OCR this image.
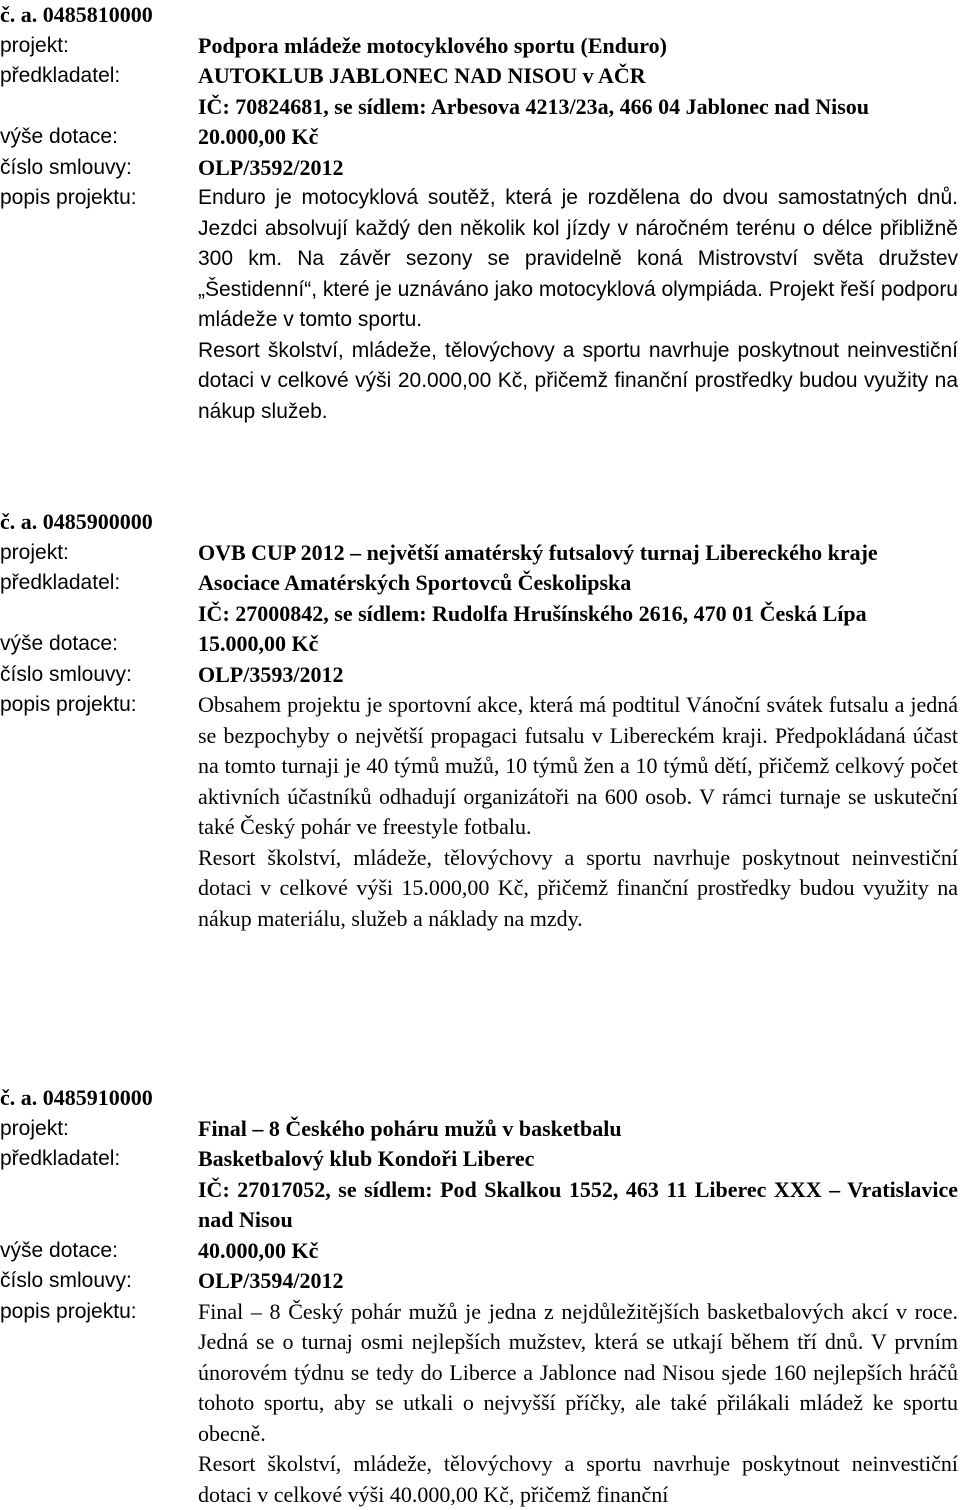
č. a. 0485810000
projekt:	Podpora mládeže motocyklového sportu (Enduro)
předkladatel:	AUTOKLUB JABLONEC NAD NISOU v AČR
IČ: 70824681, se sídlem: Arbesova 4213/23a, 466 04 Jablonec nad Nisou
výše dotace:	20.000,00 Kč
číslo smlouvy:	OLP/3592/2012
popis projektu:	Enduro je motocyklová soutěž, která je rozdělena do dvou samostatných dnů. Jezdci absolvují každý den několik kol jízdy v náročném terénu o délce přibližně 300 km. Na závěr sezony se pravidelně koná Mistrovství světa družstev „Šestidenní“, které je uznáváno jako motocyklová olympiáda. Projekt řeší podporu mládeže v tomto sportu.
Resort školství, mládeže, tělovýchovy a sportu navrhuje poskytnout neinvestiční dotaci v celkové výši 20.000,00 Kč, přičemž finanční prostředky budou využity na nákup služeb.
č. a. 0485900000
projekt:	OVB CUP 2012 – největší amatérský futsalový turnaj Libereckého kraje
předkladatel:	Asociace Amatérských Sportovců Českolipska
IČ: 27000842, se sídlem: Rudolfa Hrušínského 2616, 470 01 Česká Lípa
výše dotace:	15.000,00 Kč
číslo smlouvy:	OLP/3593/2012
popis projektu:	Obsahem projektu je sportovní akce, která má podtitul Vánoční svátek futsalu a jedná se bezpochyby o největší propagaci futsalu v Libereckém kraji. Předpokládaná účast na tomto turnaji je 40 týmů mužů, 10 týmů žen a 10 týmů dětí, přičemž celkový počet aktivních účastníků odhadují organizátoři na 600 osob. V rámci turnaje se uskuteční také Český pohár ve freestyle fotbalu.
Resort školství, mládeže, tělovýchovy a sportu navrhuje poskytnout neinvestiční dotaci v celkové výši 15.000,00 Kč, přičemž finanční prostředky budou využity na nákup materiálu, služeb a náklady na mzdy.
č. a. 0485910000
projekt:	Final – 8 Českého poháru mužů v basketbalu
předkladatel:	Basketbalový klub Kondoři Liberec
IČ: 27017052, se sídlem: Pod Skalkou 1552, 463 11 Liberec XXX – Vratislavice nad Nisou
výše dotace:	40.000,00 Kč
číslo smlouvy:	OLP/3594/2012
popis projektu:	Final – 8 Český pohár mužů je jedna z nejdůležitějších basketbalových akcí v roce. Jedná se o turnaj osmi nejlepších mužstev, která se utkají během tří dnů. V prvním únorovém týdnu se tedy do Liberce a Jablonce nad Nisou sjede 160 nejlepších hráčů tohoto sportu, aby se utkali o nejvyšší příčky, ale také přilákali mládež ke sportu obecně.
Resort školství, mládeže, tělovýchovy a sportu navrhuje poskytnout neinvestiční dotaci v celkové výši 40.000,00 Kč, přičemž finanční
